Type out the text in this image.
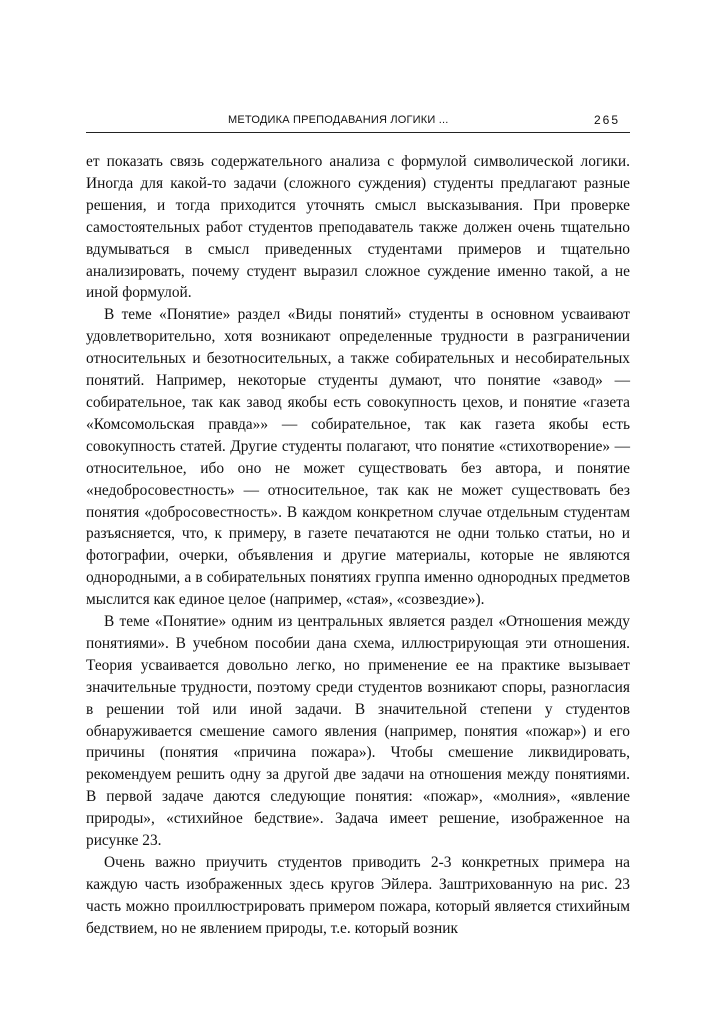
МЕТОДИКА ПРЕПОДАВАНИЯ ЛОГИКИ ...	265

ет показать связь содержательного анализа с формулой символической логики. Иногда для какой-то задачи (сложного суждения) студенты предлагают разные решения, и тогда приходится уточнять смысл высказывания. При проверке самостоятельных работ студентов преподаватель также должен очень тщательно вдумываться в смысл приведенных студентами примеров и тщательно анализировать, почему студент выразил сложное суждение именно такой, а не иной формулой.

В теме «Понятие» раздел «Виды понятий» студенты в основном усваивают удовлетворительно, хотя возникают определенные трудности в разграничении относительных и безотносительных, а также собирательных и несобирательных понятий. Например, некоторые студенты думают, что понятие «завод» — собирательное, так как завод якобы есть совокупность цехов, и понятие «газета «Комсомольская правда»» — собирательное, так как газета якобы есть совокупность статей. Другие студенты полагают, что понятие «стихотворение» — относительное, ибо оно не может существовать без автора, и понятие «недобросовестность» — относительное, так как не может существовать без понятия «добросовестность». В каждом конкретном случае отдельным студентам разъясняется, что, к примеру, в газете печатаются не одни только статьи, но и фотографии, очерки, объявления и другие материалы, которые не являются однородными, а в собирательных понятиях группа именно однородных предметов мыслится как единое целое (например, «стая», «созвездие»).

В теме «Понятие» одним из центральных является раздел «Отношения между понятиями». В учебном пособии дана схема, иллюстрирующая эти отношения. Теория усваивается довольно легко, но применение ее на практике вызывает значительные трудности, поэтому среди студентов возникают споры, разногласия в решении той или иной задачи. В значительной степени у студентов обнаруживается смешение самого явления (например, понятия «пожар») и его причины (понятия «причина пожара»). Чтобы смешение ликвидировать, рекомендуем решить одну за другой две задачи на отношения между понятиями. В первой задаче даются следующие понятия: «пожар», «молния», «явление природы», «стихийное бедствие». Задача имеет решение, изображенное на рисунке 23.

Очень важно приучить студентов приводить 2-3 конкретных примера на каждую часть изображенных здесь кругов Эйлера. Заштрихованную на рис. 23 часть можно проиллюстрировать примером пожара, который является стихийным бедствием, но не явлением природы, т.е. который возник
